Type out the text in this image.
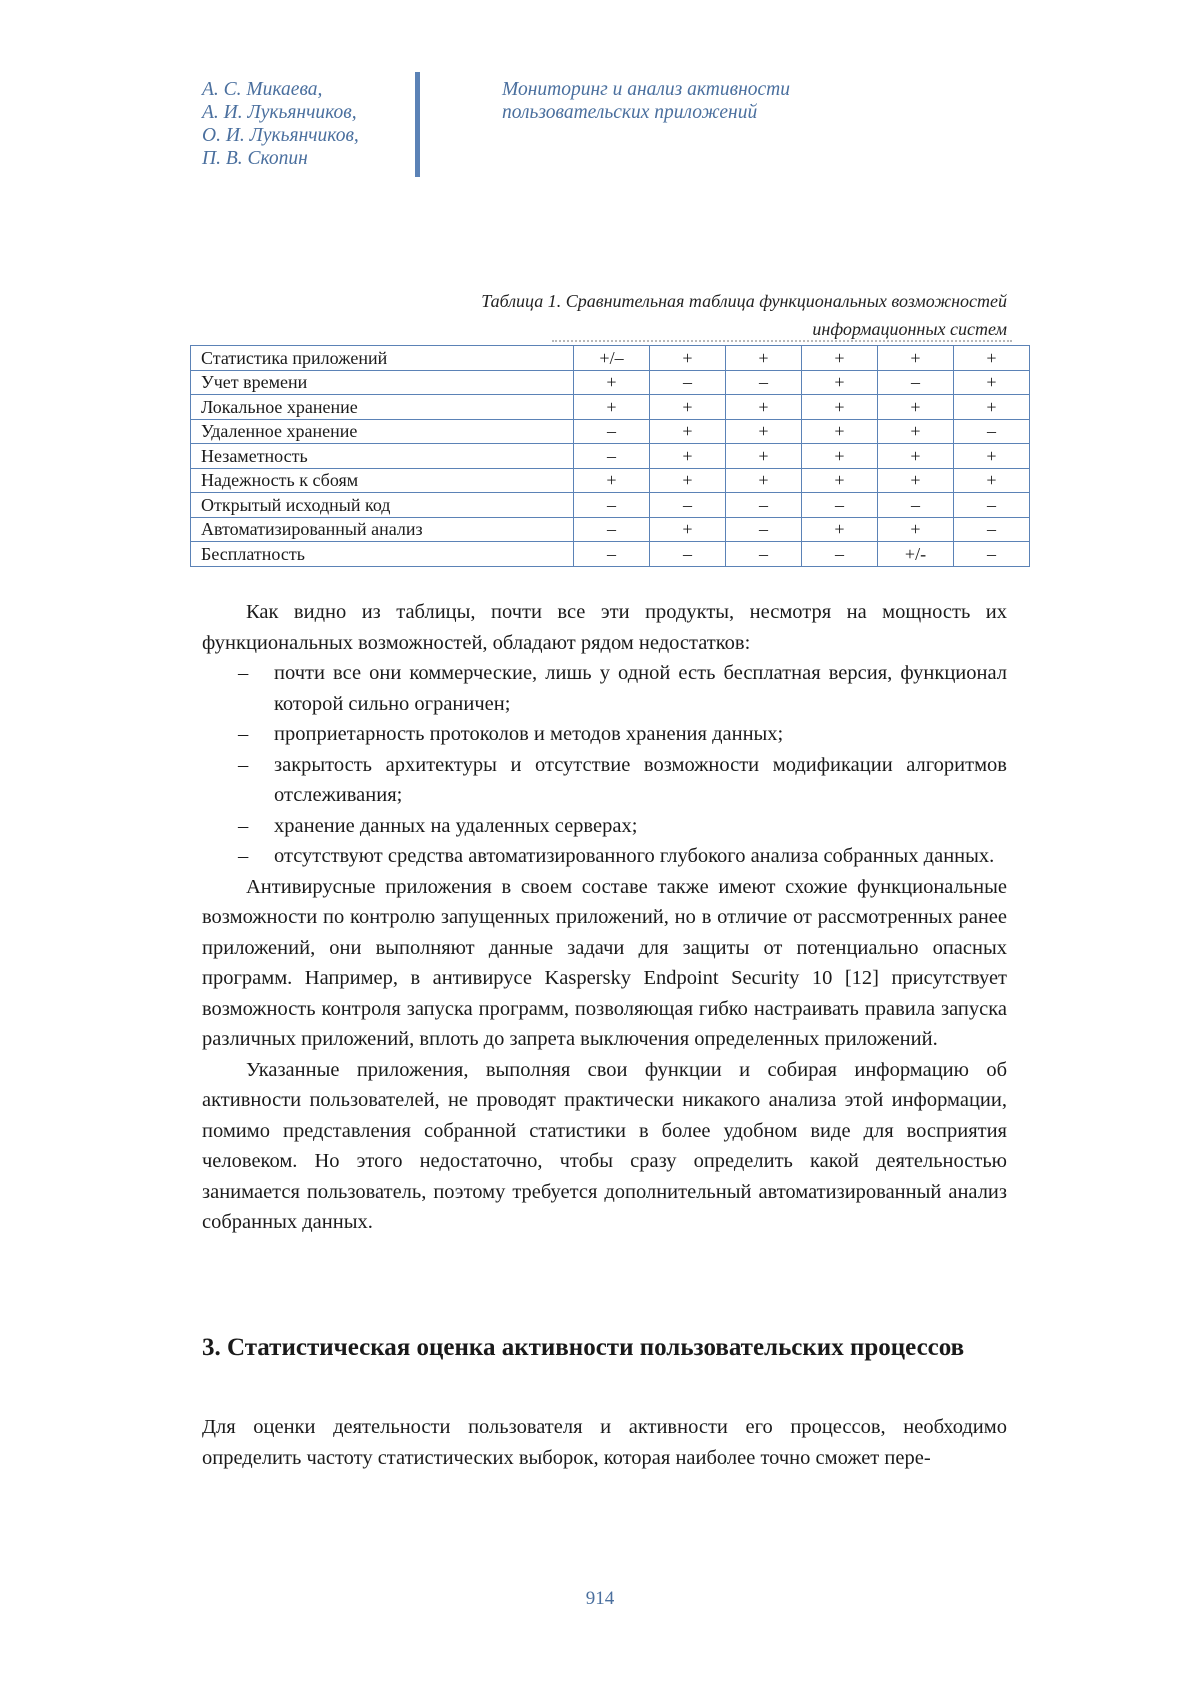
А. С. Микаева,
А. И. Лукьянчиков,
О. И. Лукьянчиков,
П. В. Скопин
Мониторинг и анализ активности
пользовательских приложений
Таблица 1. Сравнительная таблица функциональных возможностей
информационных систем
Статистика приложений	+/–	+	+	+	+	+
Учет времени	+	–	–	+	–	+
Локальное хранение	+	+	+	+	+	+
Удаленное хранение	–	+	+	+	+	–
Незаметность	–	+	+	+	+	+
Надежность к сбоям	+	+	+	+	+	+
Открытый исходный код	–	–	–	–	–	–
Автоматизированный анализ	–	+	–	+	+	–
Бесплатность	–	–	–	–	+/-	–

Как видно из таблицы, почти все эти продукты, несмотря на мощность их функциональных возможностей, обладают рядом недостатков:

– почти все они коммерческие, лишь у одной есть бесплатная версия, функционал которой сильно ограничен;
– проприетарность протоколов и методов хранения данных;
– закрытость архитектуры и отсутствие возможности модификации алгоритмов отслеживания;
– хранение данных на удаленных серверах;
– отсутствуют средства автоматизированного глубокого анализа собранных данных.

Антивирусные приложения в своем составе также имеют схожие функциональные возможности по контролю запущенных приложений, но в отличие от рассмотренных ранее приложений, они выполняют данные задачи для защиты от потенциально опасных программ. Например, в антивирусе Kaspersky Endpoint Security 10 [12] присутствует возможность контроля запуска программ, позволяющая гибко настраивать правила запуска различных приложений, вплоть до запрета выключения определенных приложений.

Указанные приложения, выполняя свои функции и собирая информацию об активности пользователей, не проводят практически никакого анализа этой информации, помимо представления собранной статистики в более удобном виде для восприятия человеком. Но этого недостаточно, чтобы сразу определить какой деятельностью занимается пользователь, поэтому требуется дополнительный автоматизированный анализ собранных данных.

3. Статистическая оценка активности пользовательских процессов

Для оценки деятельности пользователя и активности его процессов, необходимо определить частоту статистических выборок, которая наиболее точно сможет пере-

914
